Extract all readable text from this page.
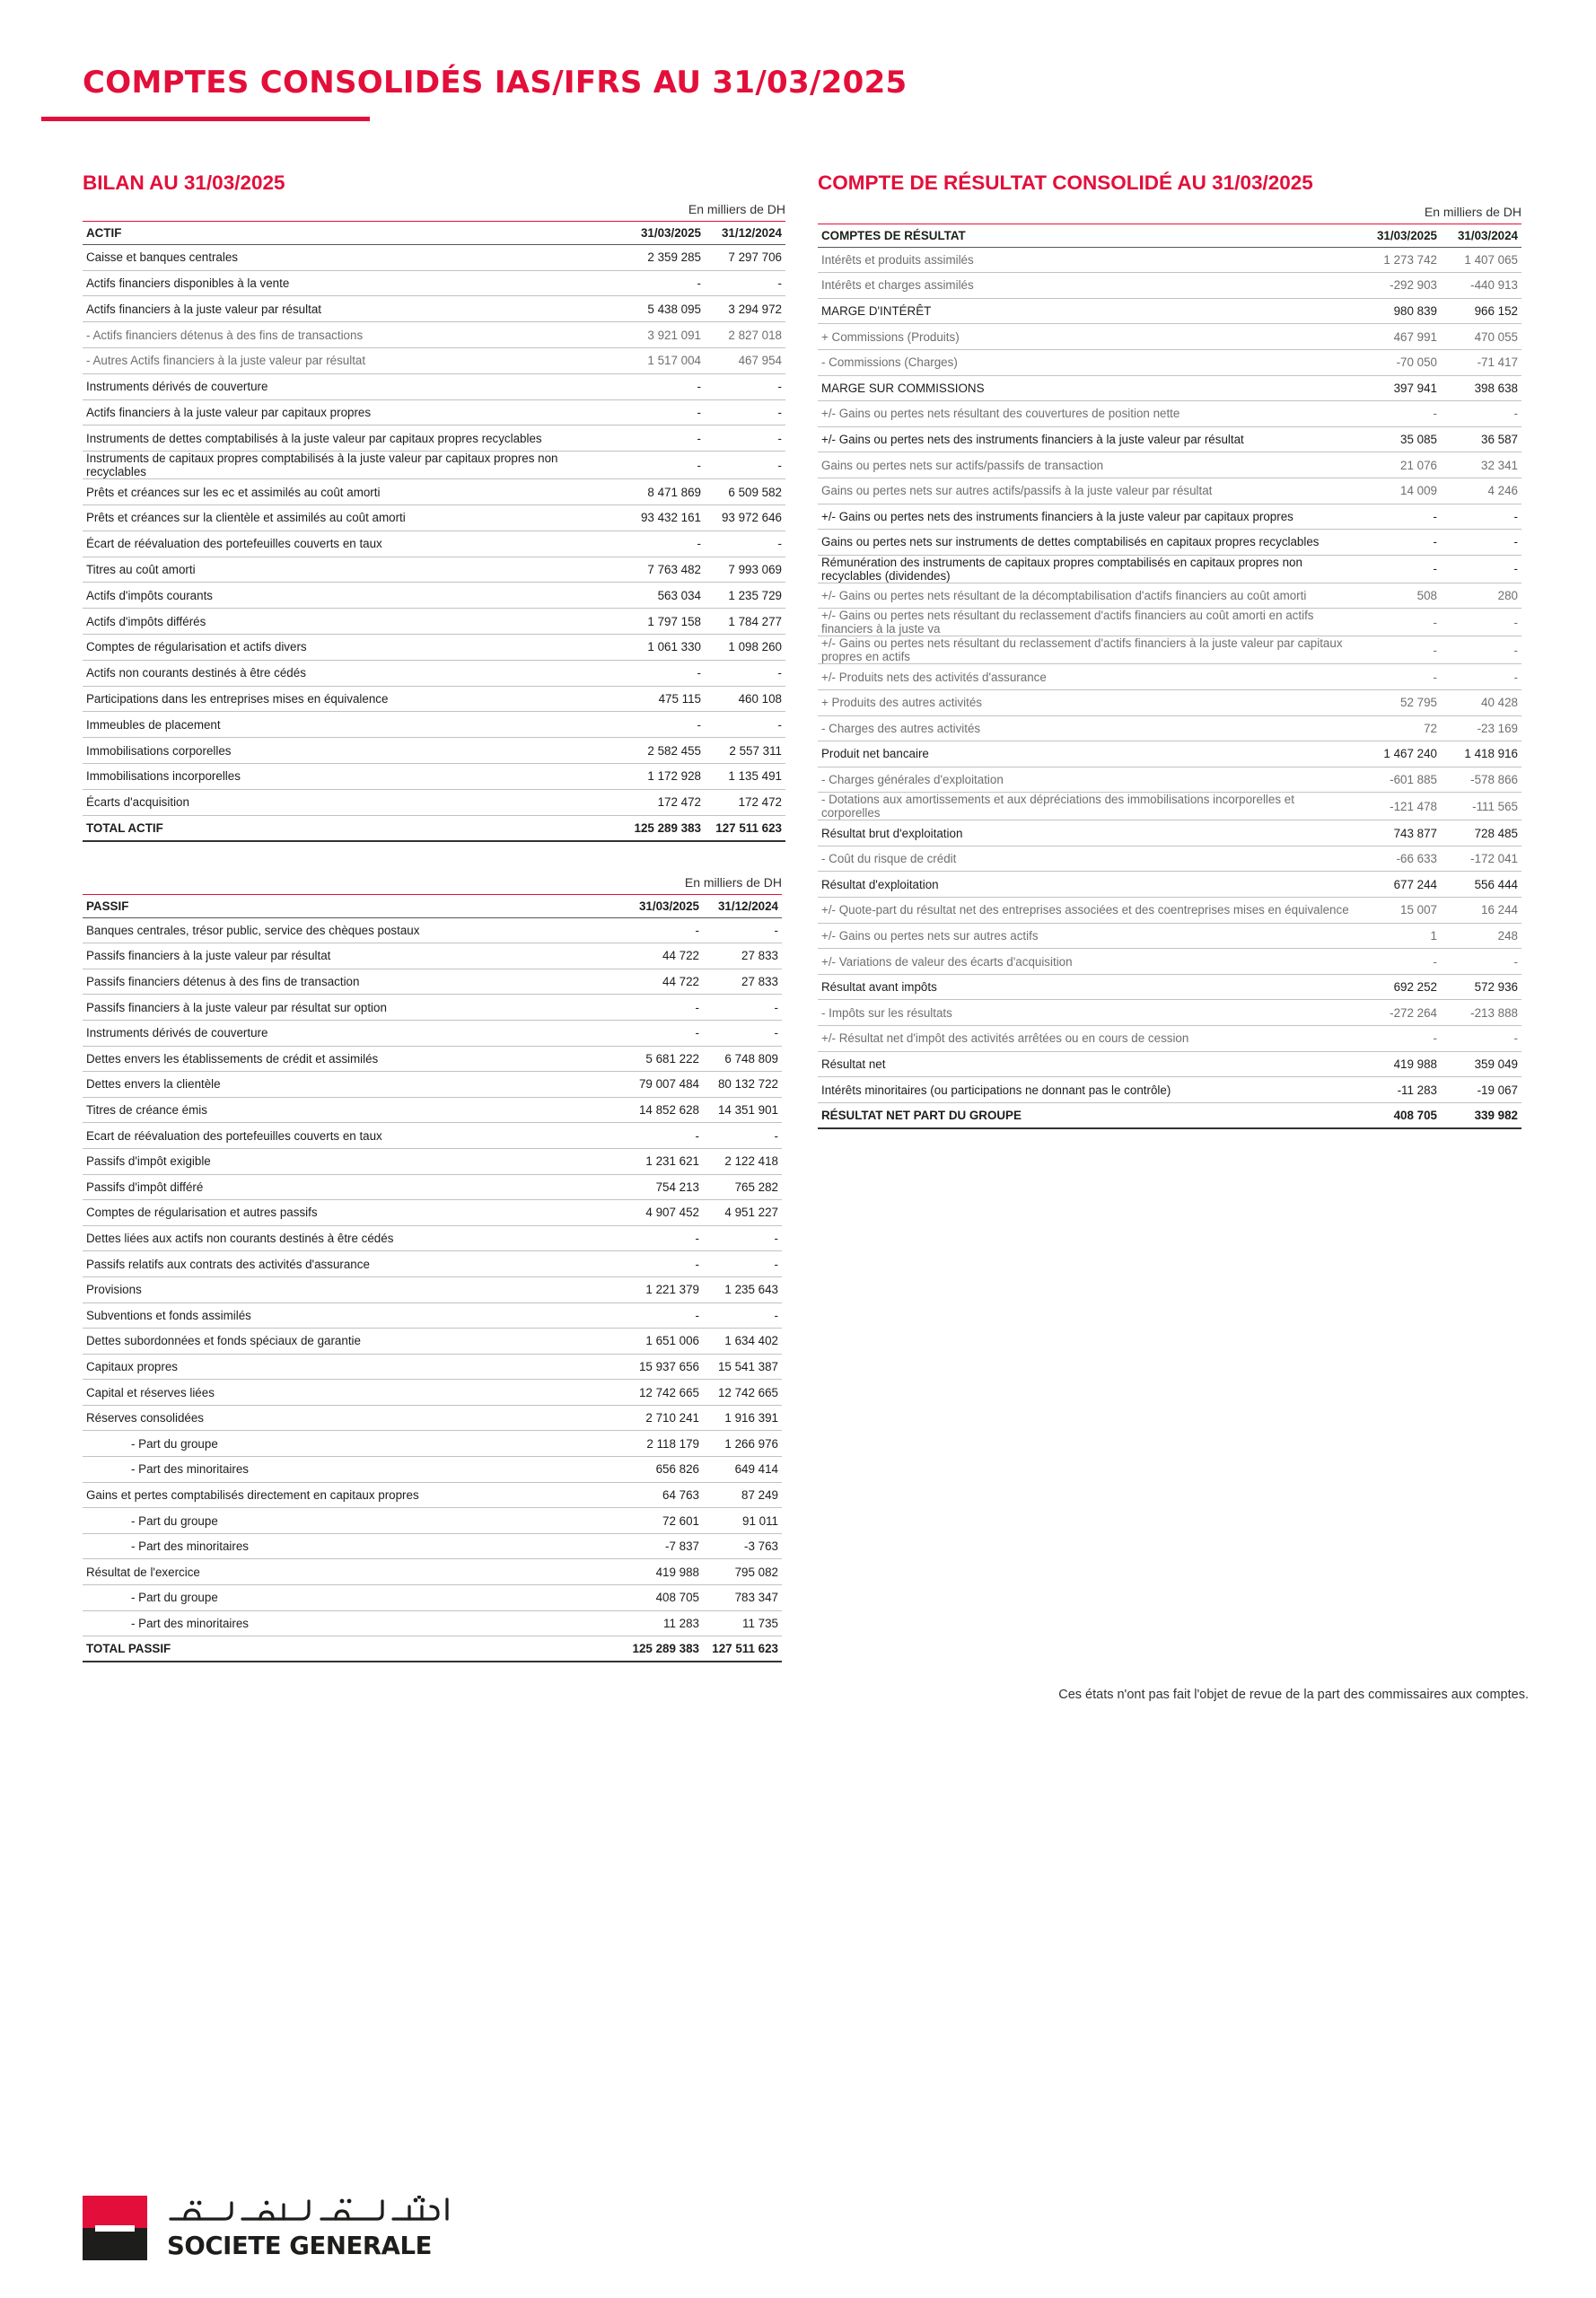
COMPTES CONSOLIDÉS IAS/IFRS AU 31/03/2025
BILAN AU 31/03/2025
En milliers de DH
ACTIF	31/03/2025	31/12/2024
Caisse et banques centrales	2 359 285	7 297 706
Actifs financiers disponibles à la vente	-	-
Actifs financiers à la juste valeur par résultat	5 438 095	3 294 972
- Actifs financiers détenus à des fins de transactions	3 921 091	2 827 018
- Autres Actifs financiers à la juste valeur par résultat	1 517 004	467 954
Instruments dérivés de couverture	-	-
Actifs financiers à la juste valeur par capitaux propres	-	-
Instruments de dettes comptabilisés à la juste valeur par capitaux propres recyclables	-	-
Instruments de capitaux propres comptabilisés à la juste valeur par capitaux propres non recyclables	-	-
Prêts et créances sur les ec et assimilés au coût amorti	8 471 869	6 509 582
Prêts et créances sur la clientèle et assimilés au coût amorti	93 432 161	93 972 646
Écart de réévaluation des portefeuilles couverts en taux	-	-
Titres au coût amorti	7 763 482	7 993 069
Actifs d'impôts courants	563 034	1 235 729
Actifs d'impôts différés	1 797 158	1 784 277
Comptes de régularisation et actifs divers	1 061 330	1 098 260
Actifs non courants destinés à être cédés	-	-
Participations dans les entreprises mises en équivalence	475 115	460 108
Immeubles de placement	-	-
Immobilisations corporelles	2 582 455	2 557 311
Immobilisations incorporelles	1 172 928	1 135 491
Écarts d'acquisition	172 472	172 472
TOTAL ACTIF	125 289 383	127 511 623
En milliers de DH
PASSIF	31/03/2025	31/12/2024
Banques centrales, trésor public, service des chèques postaux	-	-
Passifs financiers à la juste valeur par résultat	44 722	27 833
Passifs financiers détenus à des fins de transaction	44 722	27 833
Passifs financiers à la juste valeur par résultat sur option	-	-
Instruments dérivés de couverture	-	-
Dettes envers les établissements de crédit et assimilés	5 681 222	6 748 809
Dettes envers la clientèle	79 007 484	80 132 722
Titres de créance émis	14 852 628	14 351 901
Ecart de réévaluation des portefeuilles couverts en taux	-	-
Passifs d'impôt exigible	1 231 621	2 122 418
Passifs d'impôt différé	754 213	765 282
Comptes de régularisation et autres passifs	4 907 452	4 951 227
Dettes liées aux actifs non courants destinés à être cédés	-	-
Passifs relatifs aux contrats des activités d'assurance	-	-
Provisions	1 221 379	1 235 643
Subventions et fonds assimilés	-	-
Dettes subordonnées et fonds spéciaux de garantie	1 651 006	1 634 402
Capitaux propres	15 937 656	15 541 387
Capital et réserves liées	12 742 665	12 742 665
Réserves consolidées	2 710 241	1 916 391
- Part du groupe	2 118 179	1 266 976
- Part des minoritaires	656 826	649 414
Gains et pertes comptabilisés directement en capitaux propres	64 763	87 249
- Part du groupe	72 601	91 011
- Part des minoritaires	-7 837	-3 763
Résultat de l'exercice	419 988	795 082
- Part du groupe	408 705	783 347
- Part des minoritaires	11 283	11 735
TOTAL PASSIF	125 289 383	127 511 623
COMPTE DE RÉSULTAT CONSOLIDÉ AU 31/03/2025
En milliers de DH
COMPTES DE RÉSULTAT	31/03/2025	31/03/2024
Intérêts et produits assimilés	1 273 742	1 407 065
Intérêts et charges assimilés	-292 903	-440 913
MARGE D'INTÉRÊT	980 839	966 152
+ Commissions (Produits)	467 991	470 055
- Commissions (Charges)	-70 050	-71 417
MARGE SUR COMMISSIONS	397 941	398 638
+/- Gains ou pertes nets résultant des couvertures de position nette	-	-
+/- Gains ou pertes nets des instruments financiers à la juste valeur par résultat	35 085	36 587
Gains ou pertes nets sur actifs/passifs de transaction	21 076	32 341
Gains ou pertes nets sur autres actifs/passifs à la juste valeur par résultat	14 009	4 246
+/- Gains ou pertes nets des instruments financiers à la juste valeur par capitaux propres	-	-
Gains ou pertes nets sur instruments de dettes comptabilisés en capitaux propres recyclables	-	-
Rémunération des instruments de capitaux propres comptabilisés en capitaux propres non recyclables (dividendes)	-	-
+/- Gains ou pertes nets résultant de la décomptabilisation d'actifs financiers au coût amorti	508	280
+/- Gains ou pertes nets résultant du reclassement d'actifs financiers au coût amorti en actifs financiers à la juste va	-	-
+/- Gains ou pertes nets résultant du reclassement d'actifs financiers à la juste valeur par capitaux propres en actifs	-	-
+/- Produits nets des activités d'assurance	-	-
+ Produits des autres activités	52 795	40 428
- Charges des autres activités	72	-23 169
Produit net bancaire	1 467 240	1 418 916
- Charges générales d'exploitation	-601 885	-578 866
- Dotations aux amortissements et aux dépréciations des immobilisations incorporelles et corporelles	-121 478	-111 565
Résultat brut d'exploitation	743 877	728 485
- Coût du risque de crédit	-66 633	-172 041
Résultat d'exploitation	677 244	556 444
+/- Quote-part du résultat net des entreprises associées et des coentreprises mises en équivalence	15 007	16 244
+/- Gains ou pertes nets sur autres actifs	1	248
+/- Variations de valeur des écarts d'acquisition	-	-
Résultat avant impôts	692 252	572 936
- Impôts sur les résultats	-272 264	-213 888
+/- Résultat net d'impôt des activités arrêtées ou en cours de cession	-	-
Résultat net	419 988	359 049
Intérêts minoritaires (ou participations ne donnant pas le contrôle)	-11 283	-19 067
RÉSULTAT NET PART DU GROUPE	408 705	339 982
Ces états n'ont pas fait l'objet de revue de la part des commissaires aux comptes.
SOCIETE GENERALE
